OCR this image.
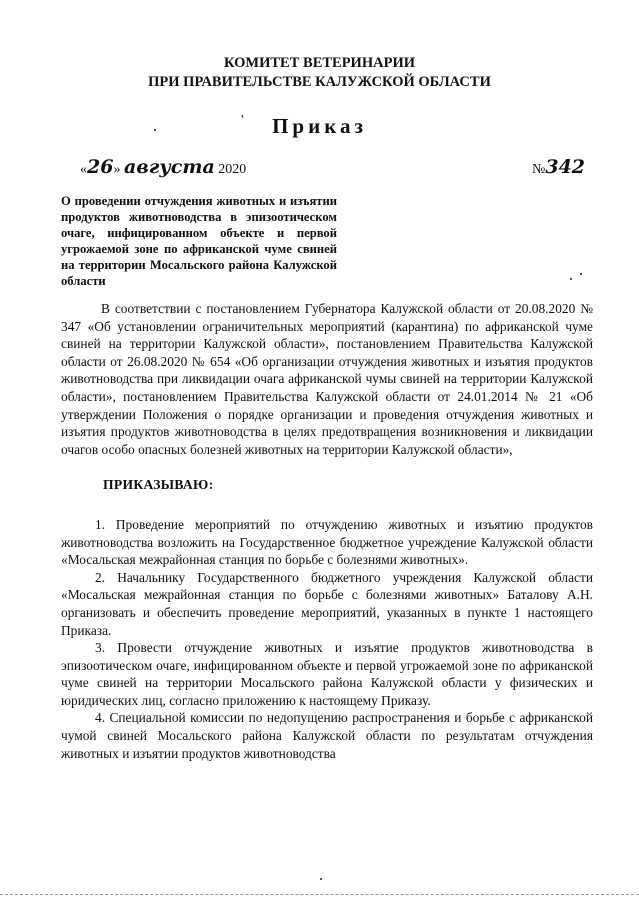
КОМИТЕТ ВЕТЕРИНАРИИ
ПРИ ПРАВИТЕЛЬСТВЕ КАЛУЖСКОЙ ОБЛАСТИ
'	Приказ
«26» августа 2020	№342
О проведении отчуждения животных и изъятии продуктов животноводства в эпизоотическом очаге, инфицированном объекте и первой угрожаемой зоне по африканской чуме свиней на территории Мосальского района Калужской области

В соответствии с постановлением Губернатора Калужской области от 20.08.2020 № 347 «Об установлении ограничительных мероприятий (карантина) по африканской чуме свиней на территории Калужской области», постановлением Правительства Калужской области от 26.08.2020 № 654 «Об организации отчуждения животных и изъятия продуктов животноводства при ликвидации очага африканской чумы свиней на территории Калужской области», постановлением Правительства Калужской области от 24.01.2014 № 21 «Об утверждении Положения о порядке организации и проведения отчуждения животных и изъятия продуктов животноводства в целях предотвращения возникновения и ликвидации очагов особо опасных болезней животных на территории Калужской области»,

ПРИКАЗЫВАЮ:

1. Проведение мероприятий по отчуждению животных и изъятию продуктов животноводства возложить на Государственное бюджетное учреждение Калужской области «Мосальская межрайонная станция по борьбе с болезнями животных».

2. Начальнику Государственного бюджетного учреждения Калужской области «Мосальская межрайонная станция по борьбе с болезнями животных» Баталову А.Н. организовать и обеспечить проведение мероприятий, указанных в пункте 1 настоящего Приказа.

3. Провести отчуждение животных и изъятие продуктов животноводства в эпизоотическом очаге, инфицированном объекте и первой угрожаемой зоне по африканской чуме свиней на территории Мосальского района Калужской области у физических и юридических лиц, согласно приложению к настоящему Приказу.

4. Специальной комиссии по недопущению распространения и борьбе с африканской чумой свиней Мосальского района Калужской области по результатам отчуждения животных и изъятии продуктов животноводства
